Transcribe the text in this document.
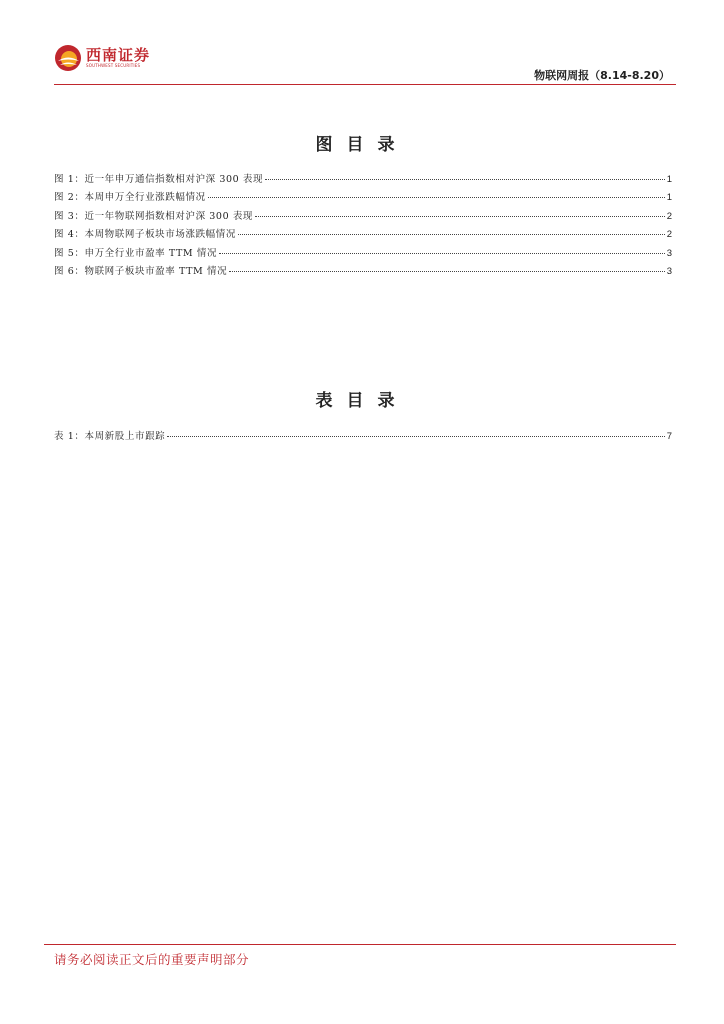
西南证券
SOUTHWEST SECURITIES
物联网周报（8.14-8.20）
图目录
图 1：近一年申万通信指数相对沪深 300 表现	1
图 2：本周申万全行业涨跌幅情况	1
图 3：近一年物联网指数相对沪深 300 表现	2
图 4：本周物联网子板块市场涨跌幅情况	2
图 5：申万全行业市盈率 TTM 情况	3
图 6：物联网子板块市盈率 TTM 情况	3
表目录
表 1：本周新股上市跟踪	7
请务必阅读正文后的重要声明部分
